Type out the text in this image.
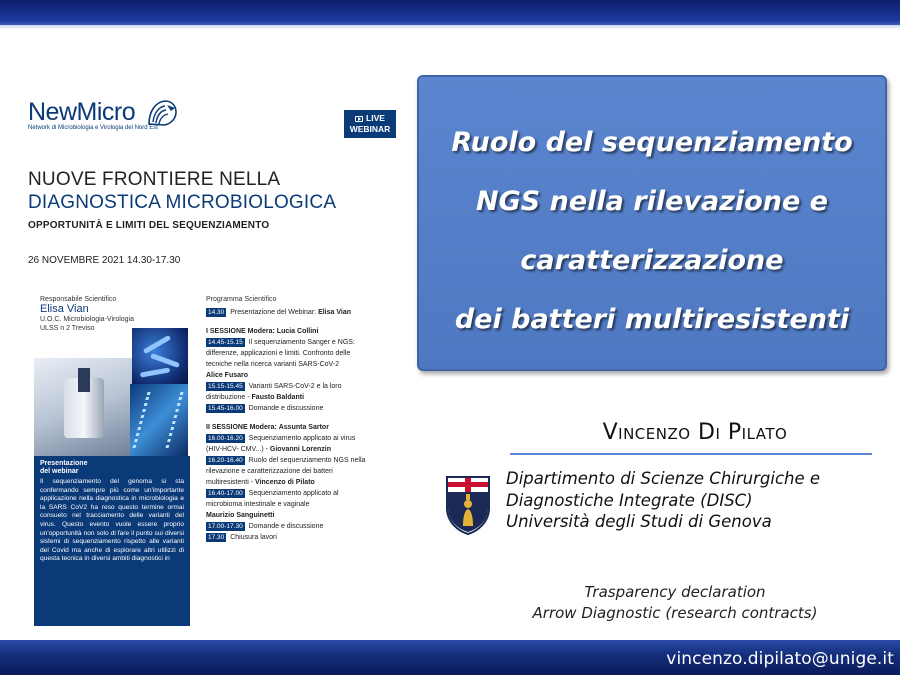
NewMicro
Network di Microbiologia e Virologia del Nord Est
LIVE
WEBINAR
NUOVE FRONTIERE NELLA
DIAGNOSTICA MICROBIOLOGICA
OPPORTUNITÀ E LIMITI DEL SEQUENZIAMENTO
26 NOVEMBRE 2021 14.30-17.30
Responsabile Scientifico
Elisa Vian
U.O.C. Microbiologia-Virologia
ULSS n 2 Treviso
Presentazione
del webinar
Il sequenziamento del genoma si sta confermando sempre più come un'importante applicazione nella diagnostica in microbiologia e la SARS CoV2 ha reso questo termine ormai consueto nel tracciamento delle varianti del virus. Questo evento vuole essere proprio un'opportunità non solo di fare il punto sui diversi sistemi di sequenziamento rispetto alle varianti del Covid ma anche di esplorare altri utilizzi di questa tecnica in diversi ambiti diagnostici in
Programma Scientifico
14.30 Presentazione del Webinar: Elisa Vian
I SESSIONE Modera: Lucia Collini
14.45-15.15 Il sequenziamento Sanger e NGS:
differenze, applicazioni e limiti. Confronto delle
tecniche nella ricerca varianti SARS-CoV-2
Alice Fusaro
15.15-15.45 Varianti SARS-CoV-2 e la loro
distribuzione - Fausto Baldanti
15.45-16.00 Domande e discussione
II SESSIONE Moderа: Assunta Sartor
16.00-16.20 Sequenziamento applicato ai virus
(HIV-HCV- CMV...) - Giovanni Lorenzin
16.20-16.40 Ruolo del sequenziamento NGS nella
rilevazione e caratterizzazione dei batteri
multiresistenti - Vincenzo di Pilato
16.40-17.00 Sequenziamento applicato al
microbioma intestinale e vaginale
Maurizio Sanguinetti
17.00-17.30 Domande e discussione
17.30 Chiusura lavori
Ruolo del sequenziamento
NGS nella rilevazione e
caratterizzazione
dei batteri multiresistenti
Vincenzo Di Pilato
Dipartimento di Scienze Chirurgiche e
Diagnostiche Integrate (DISC)
Università degli Studi di Genova
Trasparency declaration
Arrow Diagnostic (research contracts)
vincenzo.dipilato@unige.it
